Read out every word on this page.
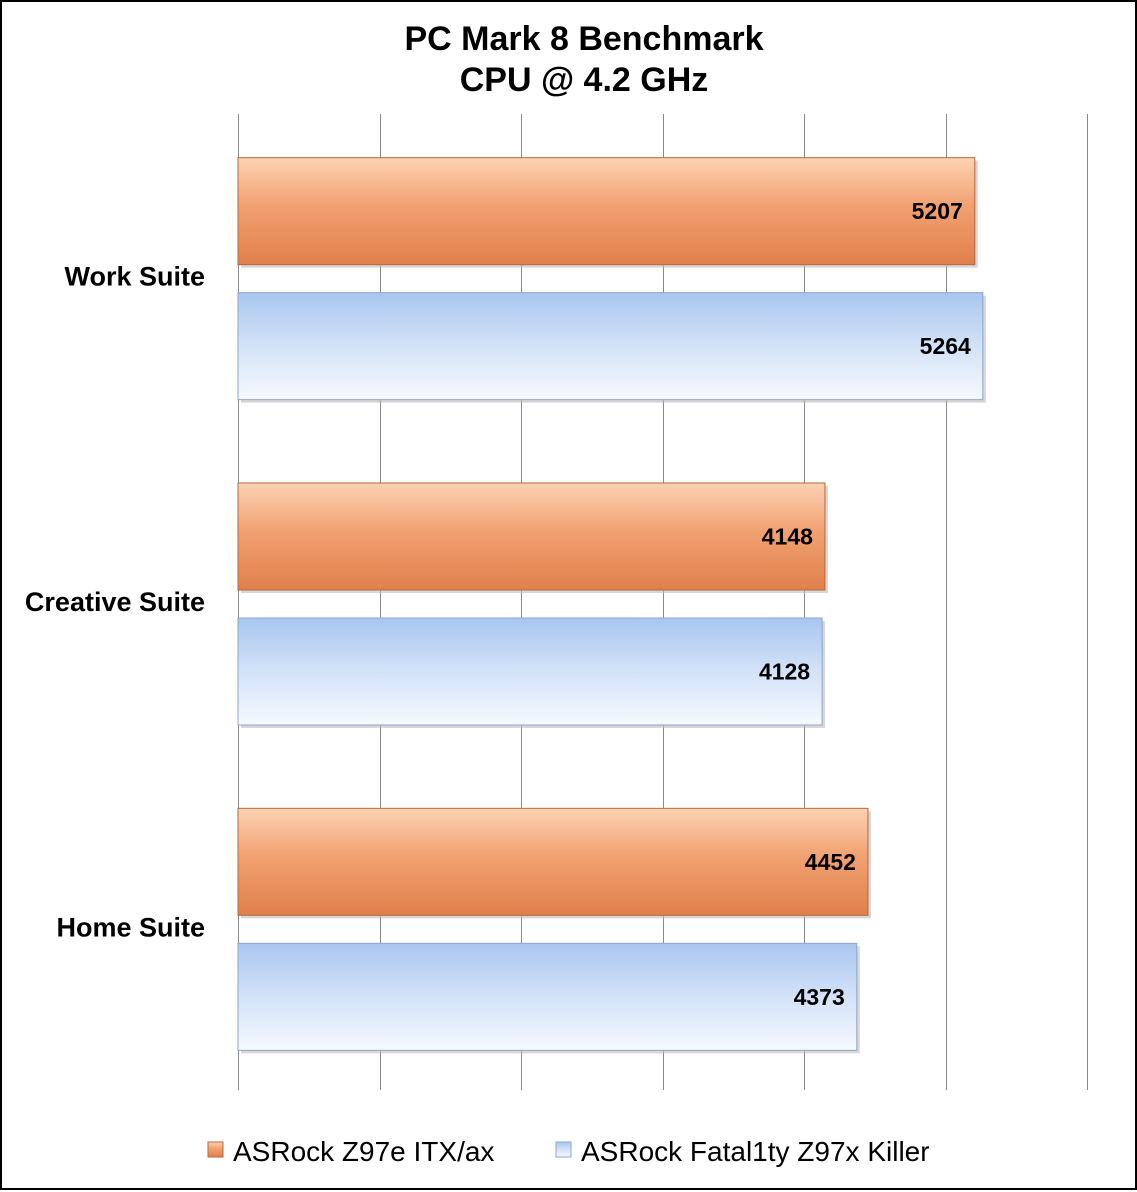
PC Mark 8 Benchmark
CPU @ 4.2 GHz
5207
5264
4148
4128
4452
4373
Work Suite
Creative Suite
Home Suite
ASRock Z97e ITX/ax	ASRock Fatal1ty Z97x Killer
